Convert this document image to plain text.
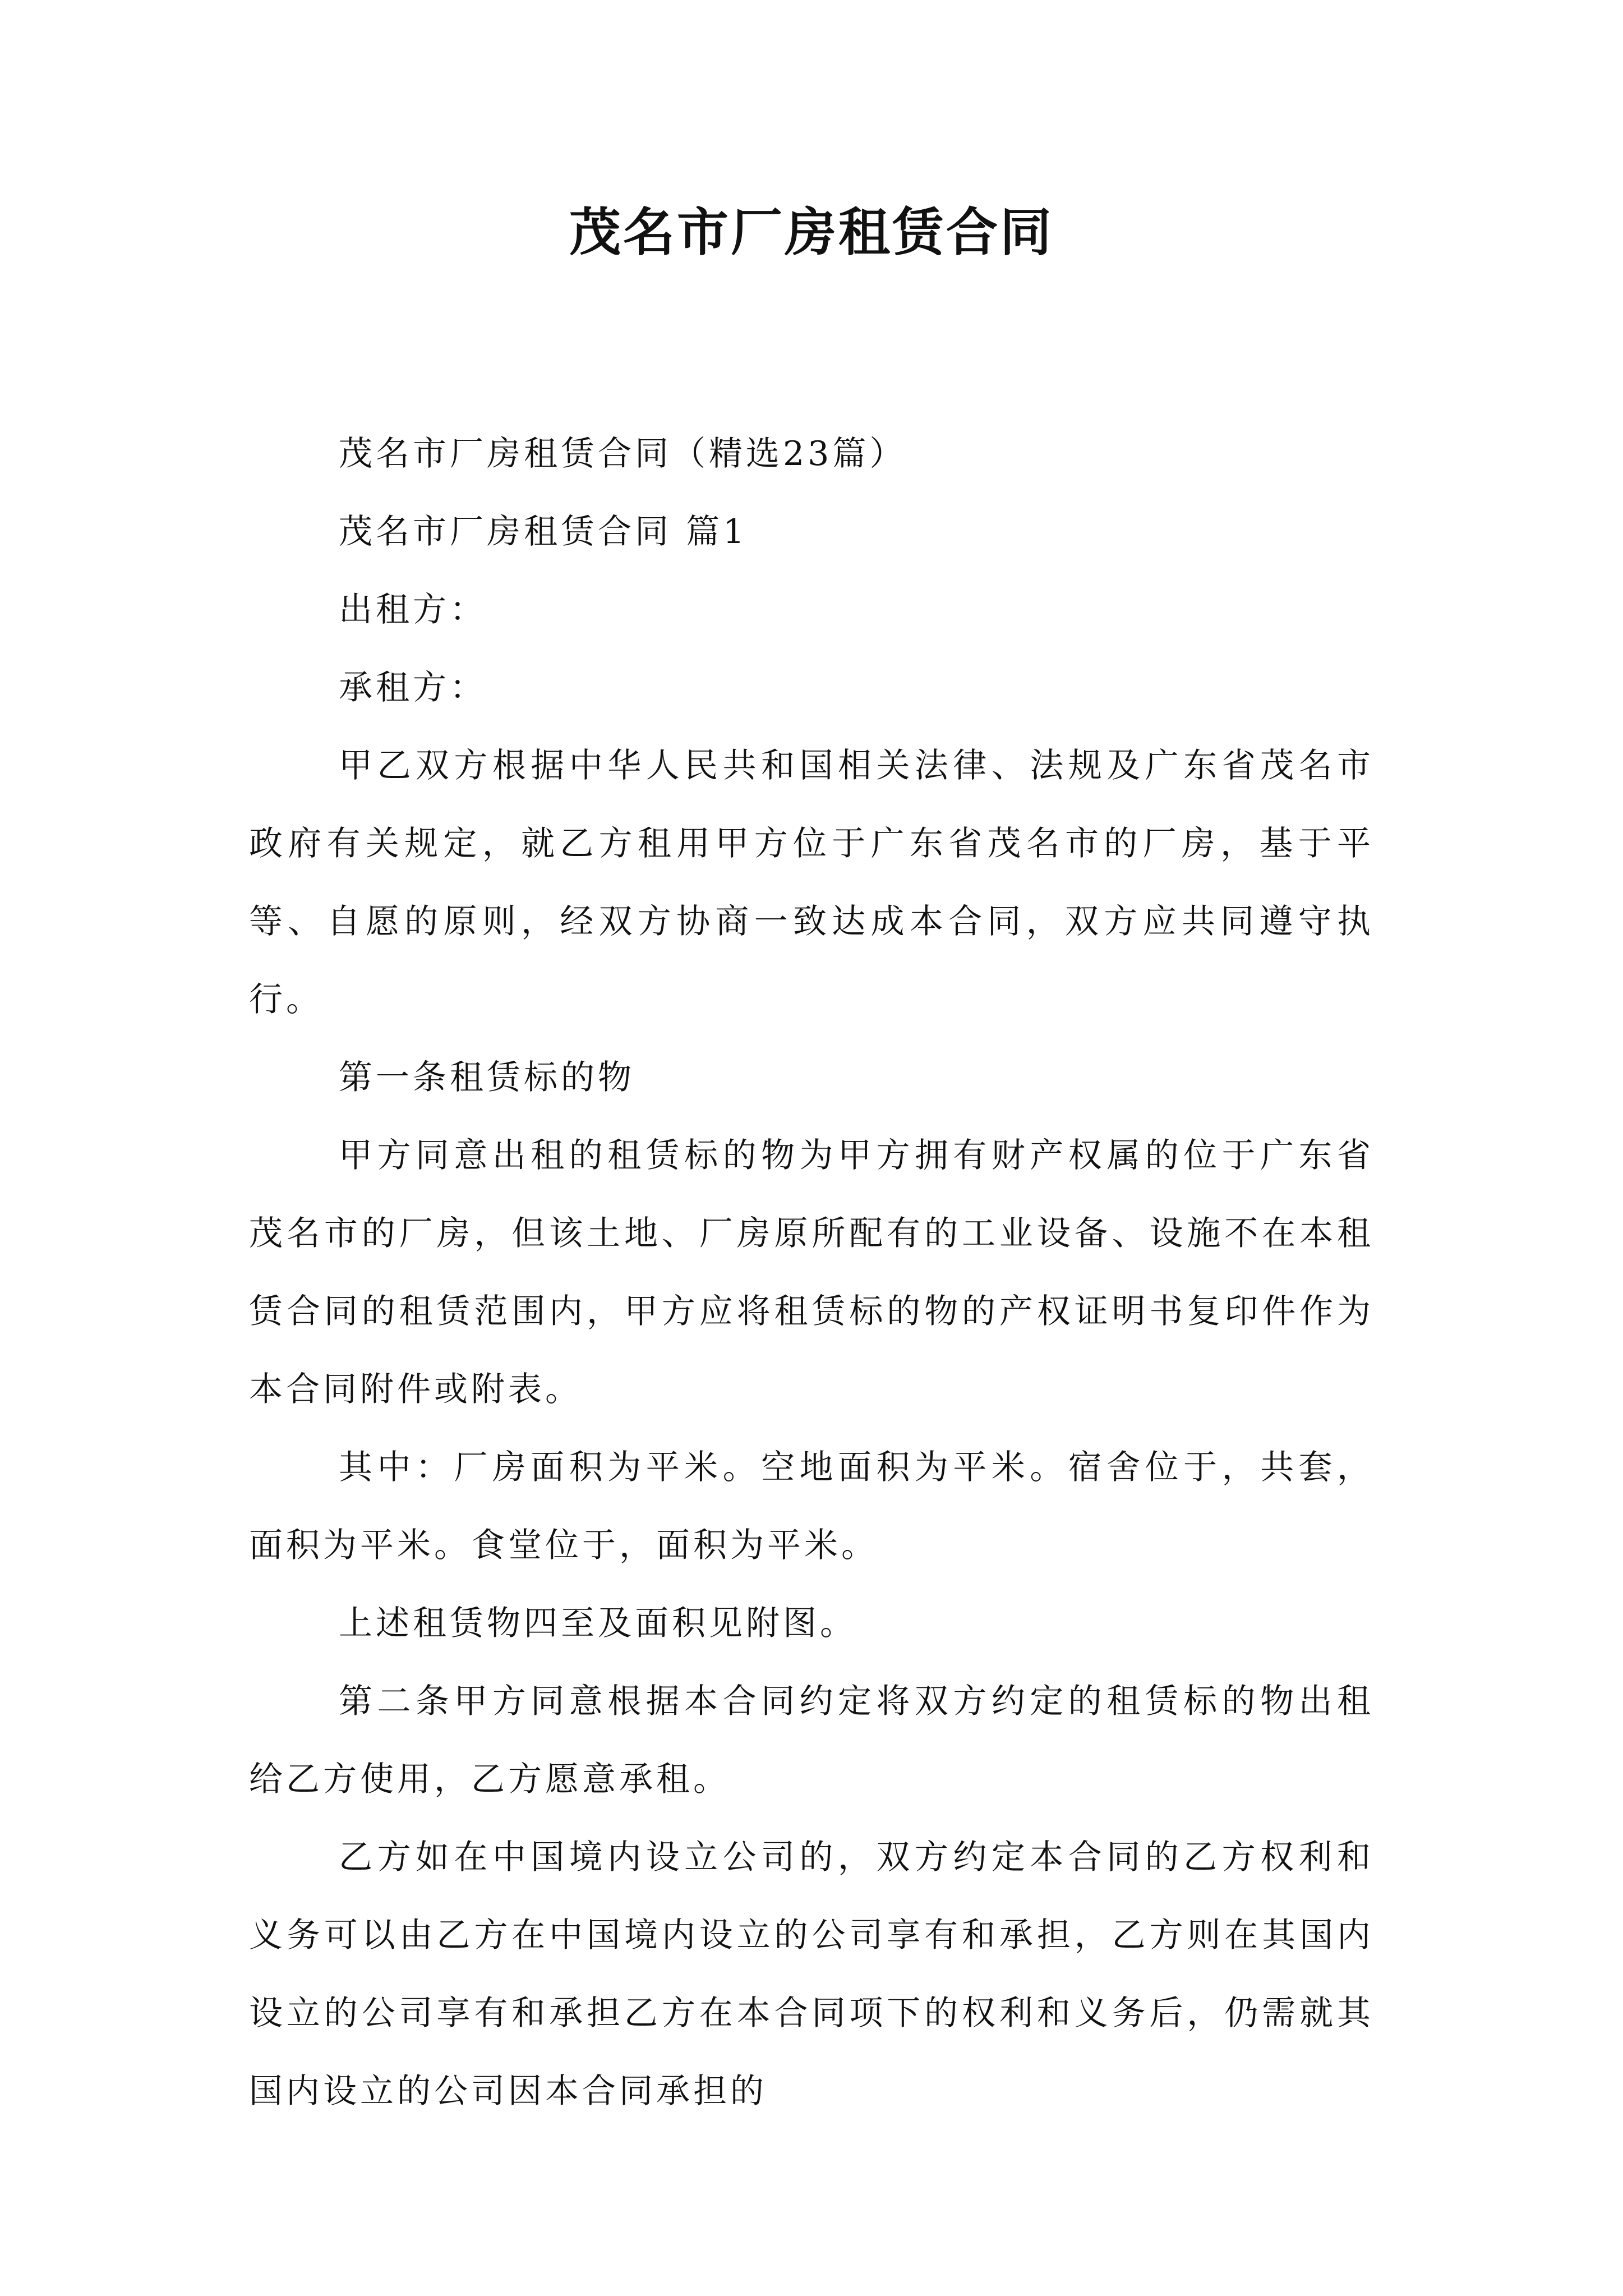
茂名市厂房租赁合同

茂名市厂房租赁合同（精选23篇）

茂名市厂房租赁合同 篇1

出租方：

承租方：

甲乙双方根据中华人民共和国相关法律、法规及广东省茂名市政府有关规定，就乙方租用甲方位于广东省茂名市的厂房，基于平等、自愿的原则，经双方协商一致达成本合同，双方应共同遵守执行。

第一条租赁标的物

甲方同意出租的租赁标的物为甲方拥有财产权属的位于广东省茂名市的厂房，但该土地、厂房原所配有的工业设备、设施不在本租赁合同的租赁范围内，甲方应将租赁标的物的产权证明书复印件作为本合同附件或附表。

其中：厂房面积为平米。空地面积为平米。宿舍位于，共套，面积为平米。食堂位于，面积为平米。

上述租赁物四至及面积见附图。

第二条甲方同意根据本合同约定将双方约定的租赁标的物出租给乙方使用，乙方愿意承租。

乙方如在中国境内设立公司的，双方约定本合同的乙方权利和义务可以由乙方在中国境内设立的公司享有和承担，乙方则在其国内设立的公司享有和承担乙方在本合同项下的权利和义务后，仍需就其国内设立的公司因本合同承担的
